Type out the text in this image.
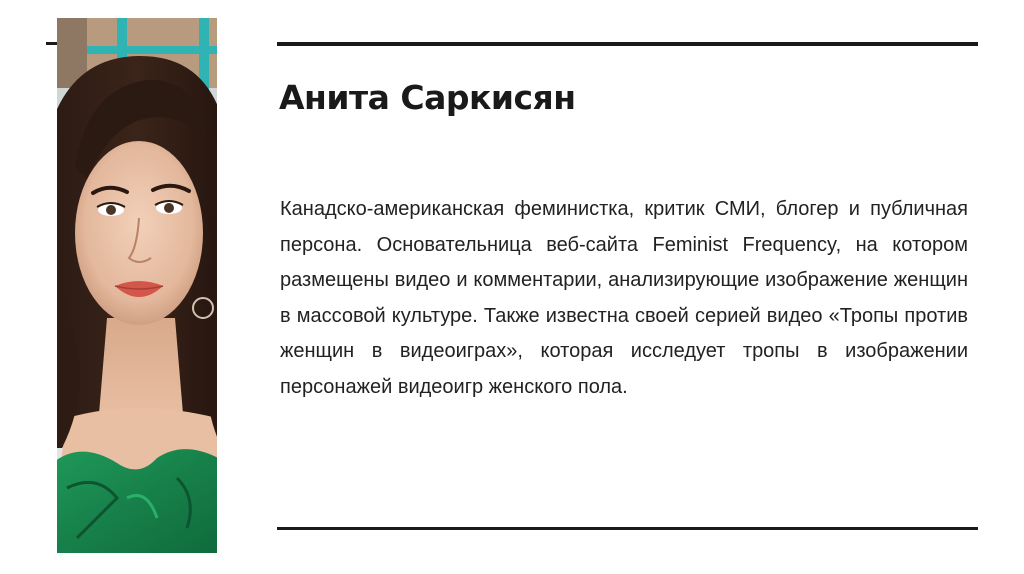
Анита Саркисян

Канадско-американская феминистка, критик СМИ, блогер и публичная персона. Основательница веб-сайта Feminist Frequency, на котором размещены видео и комментарии, анализирующие изображение женщин в массовой культуре. Также известна своей серией видео «Тропы против женщин в видеоиграх», которая исследует тропы в изображении персонажей видеоигр женского пола.
